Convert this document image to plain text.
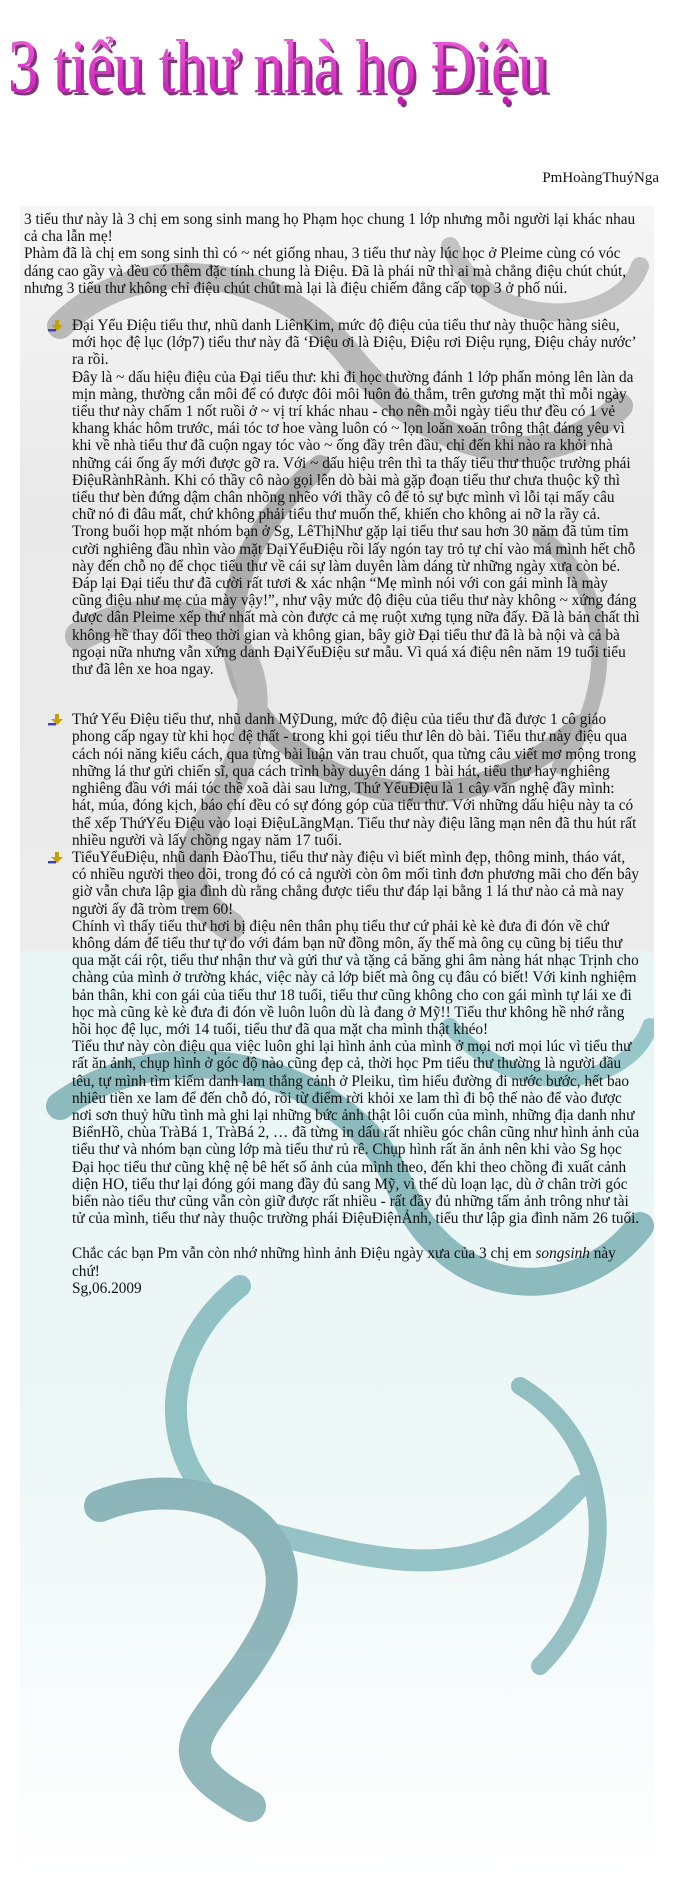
3 tiểu thư nhà họ Điệu
3 tiểu thư nhà họ Điệu
PmHoàngThuýNga

3 tiểu thư này là 3 chị em song sinh mang họ Phạm học chung 1 lớp nhưng mỗi người lại khác nhau cả cha lẫn mẹ!

Phàm đã là chị em song sinh thì có ~ nét giống nhau, 3 tiểu thư này lúc học ở Pleime cùng có vóc dáng cao gầy và đều có thêm đặc tính chung là Điệu. Đã là phái nữ thì ai mà chẳng điệu chút chút, nhưng 3 tiểu thư không chỉ điệu chút chút mà lại là điệu chiếm đẳng cấp top 3 ở phố núi.

Đại Yểu Điệu tiểu thư, nhũ danh LiênKim, mức độ điệu của tiểu thư này thuộc hàng siêu, mới học đệ lục (lớp7) tiểu thư này đã ‘Điệu ơi là Điệu, Điệu rơi Điệu rụng, Điệu chảy nước’ ra rồi.

Đây là ~ dấu hiệu điệu của Đại tiểu thư: khi đi học thường đánh 1 lớp phấn mỏng lên làn da mịn màng, thường cắn môi để có được đôi môi luôn đỏ thắm, trên gương mặt thì mỗi ngày tiểu thư này chấm 1 nốt ruồi ở ~ vị trí khác nhau - cho nên mỗi ngày tiểu thư đều có 1 vẻ khang khác hôm trước, mái tóc tơ hoe vàng luôn có ~ lọn loăn xoăn trông thật đáng yêu vì khi về nhà tiểu thư đã cuộn ngay tóc vào ~ ống đầy trên đầu, chỉ đến khi nào ra khỏi nhà những cái ống ấy mới được gỡ ra. Với ~ dấu hiệu trên thì ta thấy tiểu thư thuộc trường phái ĐiệuRànhRành. Khi có thầy cô nào gọi lên dò bài mà gặp đoạn tiểu thư chưa thuộc kỹ thì tiểu thư bèn đứng dậm chân nhõng nhẽo với thầy cô để tỏ sự bực mình vì lỗi tại mấy câu chữ nó đi đâu mất, chứ không phải tiểu thư muốn thế, khiến cho không ai nỡ la rầy cả.

Trong buổi họp mặt nhóm bạn ở Sg, LêThịNhư gặp lại tiểu thư sau hơn 30 năm đã tủm tỉm cười nghiêng đầu nhìn vào mặt ĐạiYểuĐiệu rồi lấy ngón tay trỏ tự chỉ vào má mình hết chỗ này đến chỗ nọ để chọc tiểu thư về cái sự làm duyên làm dáng từ những ngày xưa còn bé.

Đáp lại Đại tiểu thư đã cười rất tươi & xác nhận “Mẹ mình nói với con gái mình là mày cũng điệu như mẹ của mày vậy!”, như vậy mức độ điệu của tiểu thư này không ~ xứng đáng được dân Pleime xếp thứ nhất mà còn được cả mẹ ruột xưng tụng nữa đấy. Đã là bản chất thì không hề thay đổi theo thời gian và không gian, bây giờ Đại tiểu thư đã là bà nội và cả bà ngoại nữa nhưng vẫn xứng danh ĐạiYểuĐiệu sư mẫu. Vì quá xá điệu nên năm 19 tuổi tiểu thư đã lên xe hoa ngay.

Thứ Yểu Điệu tiểu thư, nhũ danh MỹDung, mức độ điệu của tiểu thư đã được 1 cô giáo phong cấp ngay từ khi học đệ thất - trong khi gọi tiểu thư lên dò bài. Tiểu thư này điệu qua cách nói năng kiểu cách, qua từng bài luận văn trau chuốt, qua từng câu viết mơ mộng trong những lá thư gửi chiến sĩ, qua cách trình bày duyên dáng 1 bài hát, tiểu thư hay nghiêng nghiêng đầu với mái tóc thề xoã dài sau lưng, Thứ YểuĐiệu là 1 cây văn nghệ đầy mình: hát, múa, đóng kịch, báo chí đều có sự đóng góp của tiểu thư. Với những dấu hiệu này ta có thể xếp ThứYểu Điệu vào loại ĐiệuLãngMạn. Tiểu thư này điệu lãng mạn nên đã thu hút rất nhiều người và lấy chồng ngay năm 17 tuổi.

TiểuYểuĐiệu, nhũ danh ĐàoThu, tiểu thư này điệu vì biết mình đẹp, thông minh, tháo vát, có nhiều người theo dõi, trong đó có cả người còn ôm mối tình đơn phương mãi cho đến bây giờ vẫn chưa lập gia đình dù rằng chẳng được tiểu thư đáp lại bằng 1 lá thư nào cả mà nay người ấy đã tròm trem 60!

Chính vì thấy tiểu thư hơi bị điệu nên thân phụ tiểu thư cứ phải kè kè đưa đi đón về chứ không dám để tiểu thư tự do với đám bạn nữ đồng môn, ấy thế mà ông cụ cũng bị tiểu thư qua mặt cái rột, tiểu thư nhận thư và gửi thư và tặng cả băng ghi âm nàng hát nhạc Trịnh cho chàng của mình ở trường khác, việc này cả lớp biết mà ông cụ đâu có biết! Với kinh nghiệm bản thân, khi con gái của tiểu thư 18 tuổi, tiểu thư cũng không cho con gái mình tự lái xe đi học mà cũng kè kè đưa đi đón về luôn luôn dù là đang ở Mỹ!! Tiểu thư không hề nhớ rằng hồi học đệ lục, mới 14 tuổi, tiểu thư đã qua mặt cha mình thật khéo!

Tiểu thư này còn điệu qua việc luôn ghi lại hình ảnh của mình ở mọi nơi mọi lúc vì tiểu thư rất ăn ảnh, chụp hình ở góc độ nào cũng đẹp cả, thời học Pm tiểu thư thường là người đầu têu, tự mình tìm kiếm danh lam thắng cảnh ở Pleiku, tìm hiểu đường đi nước bước, hết bao nhiêu tiền xe lam để đến chỗ đó, rồi từ điểm rời khỏi xe lam thì đi bộ thế nào để vào được nơi sơn thuỷ hữu tình mà ghi lại những bức ảnh thật lôi cuốn của mình, những địa danh như BiểnHồ, chùa TràBá 1, TràBá 2, … đã từng in dấu rất nhiều góc chân cũng như hình ảnh của tiểu thư và nhóm bạn cùng lớp mà tiểu thư rủ rê. Chụp hình rất ăn ảnh nên khi vào Sg học Đại học tiểu thư cũng khệ nệ bê hết số ảnh của mình theo, đến khi theo chồng đi xuất cảnh diện HO, tiểu thư lại đóng gói mang đầy đủ sang Mỹ, vì thế dù loạn lạc, dù ở chân trời góc biển nào tiểu thư cũng vẫn còn giữ được rất nhiều - rất đầy đủ những tấm ảnh trông như tài tử của mình, tiểu thư này thuộc trường phái ĐiệuĐiệnẢnh, tiểu thư lập gia đình năm 26 tuổi.

Chắc các bạn Pm vẫn còn nhớ những hình ảnh Điệu ngày xưa của 3 chị em songsinh này chứ!

Sg,06.2009
